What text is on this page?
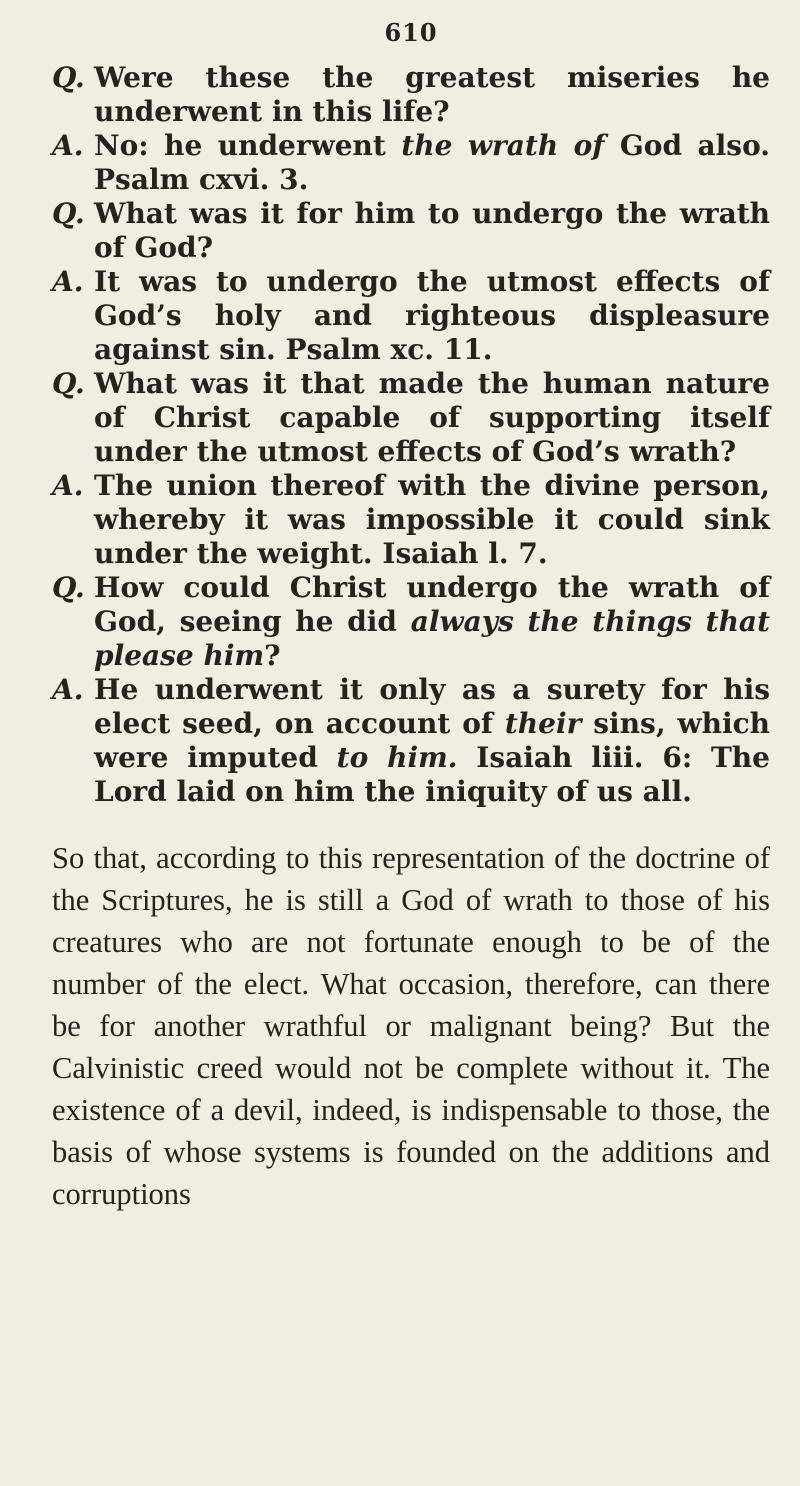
610
Q. Were these the greatest miseries he underwent in this life?
A. No: he underwent the wrath of God also. Psalm cxvi. 3.
Q. What was it for him to undergo the wrath of God?
A. It was to undergo the utmost effects of God’s holy and righteous displeasure against sin. Psalm xc. 11.
Q. What was it that made the human nature of Christ capable of supporting itself under the utmost effects of God’s wrath?
A. The union thereof with the divine person, whereby it was impossible it could sink under the weight. Isaiah l. 7.
Q. How could Christ undergo the wrath of God, seeing he did always the things that please him?
A. He underwent it only as a surety for his elect seed, on account of their sins, which were imputed to him. Isaiah liii. 6: The Lord laid on him the iniquity of us all.

So that, according to this representation of the doctrine of the Scriptures, he is still a God of wrath to those of his creatures who are not fortunate enough to be of the number of the elect. What occasion, therefore, can there be for another wrathful or malignant being? But the Calvinistic creed would not be complete without it. The existence of a devil, indeed, is indispensable to those, the basis of whose systems is founded on the additions and corruptions
